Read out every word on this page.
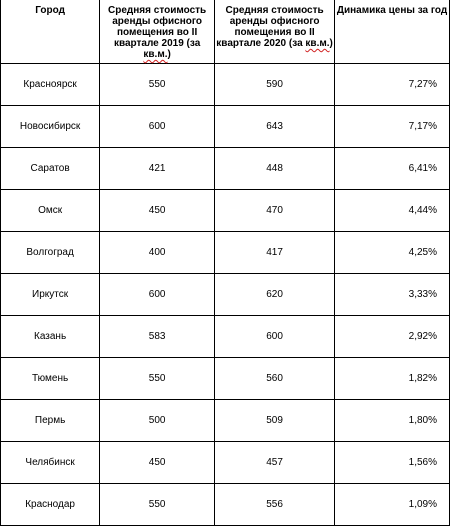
Город	Средняя стоимость аренды офисного помещения во II квартале 2019 (за кв.м.)	Средняя стоимость аренды офисного помещения во II квартале 2020 (за кв.м.)	Динамика цены за год

Красноярск	550	590	7,27%
Новосибирск	600	643	7,17%
Саратов	421	448	6,41%
Омск	450	470	4,44%
Волгоград	400	417	4,25%
Иркутск	600	620	3,33%
Казань	583	600	2,92%
Тюмень	550	560	1,82%
Пермь	500	509	1,80%
Челябинск	450	457	1,56%
Краснодар	550	556	1,09%
